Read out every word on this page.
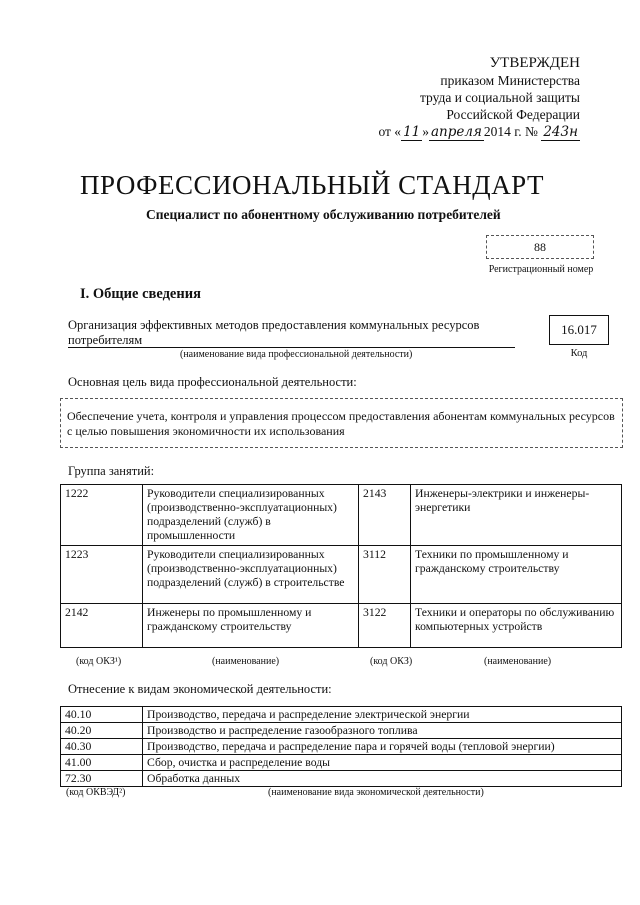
УТВЕРЖДЕН
приказом Министерства
труда и социальной защиты
Российской Федерации
от « 11 » апреля 2014 г. № 243н
ПРОФЕССИОНАЛЬНЫЙ СТАНДАРТ
Специалист по абонентному обслуживанию потребителей
88
Регистрационный номер
I. Общие сведения
Организация эффективных методов предоставления коммунальных ресурсов потребителям
(наименование вида профессиональной деятельности)
16.017
Код
Основная цель вида профессиональной деятельности:
Обеспечение учета, контроля и управления процессом предоставления абонентам коммунальных ресурсов с целью повышения экономичности их использования
Группа занятий:
1222	Руководители специализированных (производственно-эксплуатационных) подразделений (служб) в промышленности	2143	Инженеры-электрики и инженеры-энергетики
1223	Руководители специализированных (производственно-эксплуатационных) подразделений (служб) в строительстве	3112	Техники по промышленному и гражданскому строительству
2142	Инженеры по промышленному и гражданскому строительству	3122	Техники и операторы по обслуживанию компьютерных устройств
(код ОКЗ¹)	(наименование)	(код ОКЗ)	(наименование)
Отнесение к видам экономической деятельности:
40.10	Производство, передача и распределение электрической энергии
40.20	Производство и распределение газообразного топлива
40.30	Производство, передача и распределение пара и горячей воды (тепловой энергии)
41.00	Сбор, очистка и распределение воды
72.30	Обработка данных
(код ОКВЭД²)	(наименование вида экономической деятельности)
